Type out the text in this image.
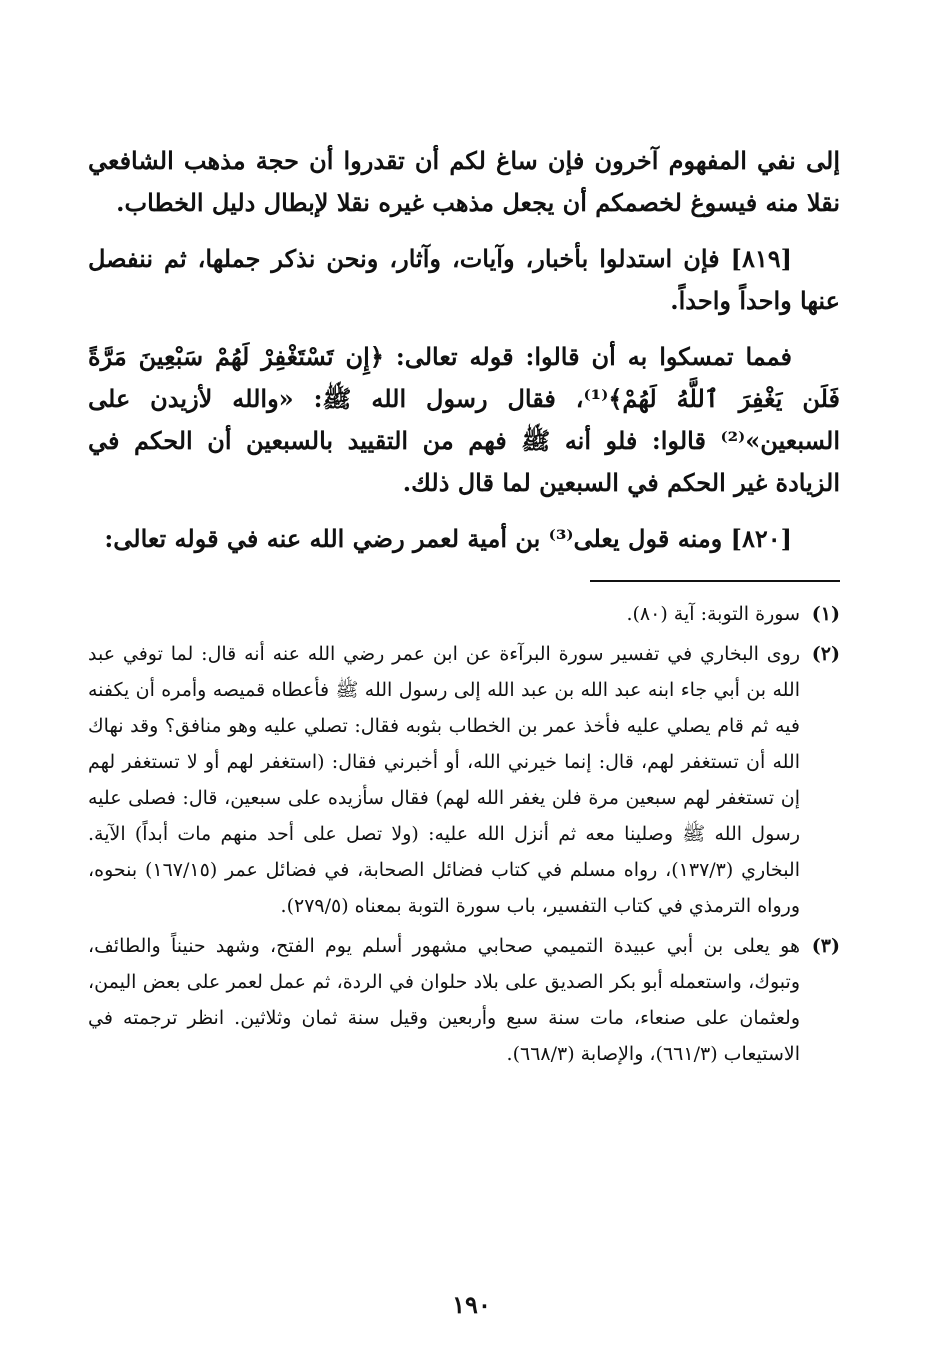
إلى نفي المفهوم آخرون فإن ساغ لكم أن تقدروا أن حجة مذهب الشافعي نقلا منه فيسوغ لخصمكم أن يجعل مذهب غيره نقلا لإبطال دليل الخطاب.

[٨١٩] فإن استدلوا بأخبار، وآيات، وآثار، ونحن نذكر جملها، ثم ننفصل عنها واحداً واحداً.

فمما تمسكوا به أن قالوا: قوله تعالى: ﴿إِن تَسْتَغْفِرْ لَهُمْ سَبْعِينَ مَرَّةً فَلَن يَغْفِرَ ٱللَّهُ لَهُمْ﴾⁽¹⁾، فقال رسول الله ﷺ: «والله لأزيدن على السبعين»⁽²⁾ قالوا: فلو أنه ﷺ فهم من التقييد بالسبعين أن الحكم في الزيادة غير الحكم في السبعين لما قال ذلك.

[٨٢٠] ومنه قول يعلى⁽³⁾ بن أمية لعمر رضي الله عنه في قوله تعالى:

(١)
سورة التوبة: آية (٨٠).
(٢)
روى البخاري في تفسير سورة البرآءة عن ابن عمر رضي الله عنه أنه قال: لما توفي عبد الله بن أبي جاء ابنه عبد الله بن عبد الله إلى رسول الله ﷺ فأعطاه قميصه وأمره أن يكفنه فيه ثم قام يصلي عليه فأخذ عمر بن الخطاب بثوبه فقال: تصلي عليه وهو منافق؟ وقد نهاك الله أن تستغفر لهم، قال: إنما خيرني الله، أو أخبرني فقال: (استغفر لهم أو لا تستغفر لهم إن تستغفر لهم سبعين مرة فلن يغفر الله لهم) فقال سأزيده على سبعين، قال: فصلى عليه رسول الله ﷺ وصلينا معه ثم أنزل الله عليه: (ولا تصل على أحد منهم مات أبداً) الآية. البخاري (١٣٧/٣)، رواه مسلم في كتاب فضائل الصحابة، في فضائل عمر (١٦٧/١٥) بنحوه، ورواه الترمذي في كتاب التفسير، باب سورة التوبة بمعناه (٢٧٩/٥).
(٣)
هو يعلى بن أبي عبيدة التميمي صحابي مشهور أسلم يوم الفتح، وشهد حنيناً والطائف، وتبوك، واستعمله أبو بكر الصديق على بلاد حلوان في الردة، ثم عمل لعمر على بعض اليمن، ولعثمان على صنعاء، مات سنة سبع وأربعين وقيل سنة ثمان وثلاثين. انظر ترجمته في الاستيعاب (٦٦١/٣)، والإصابة (٦٦٨/٣).
١٩٠
